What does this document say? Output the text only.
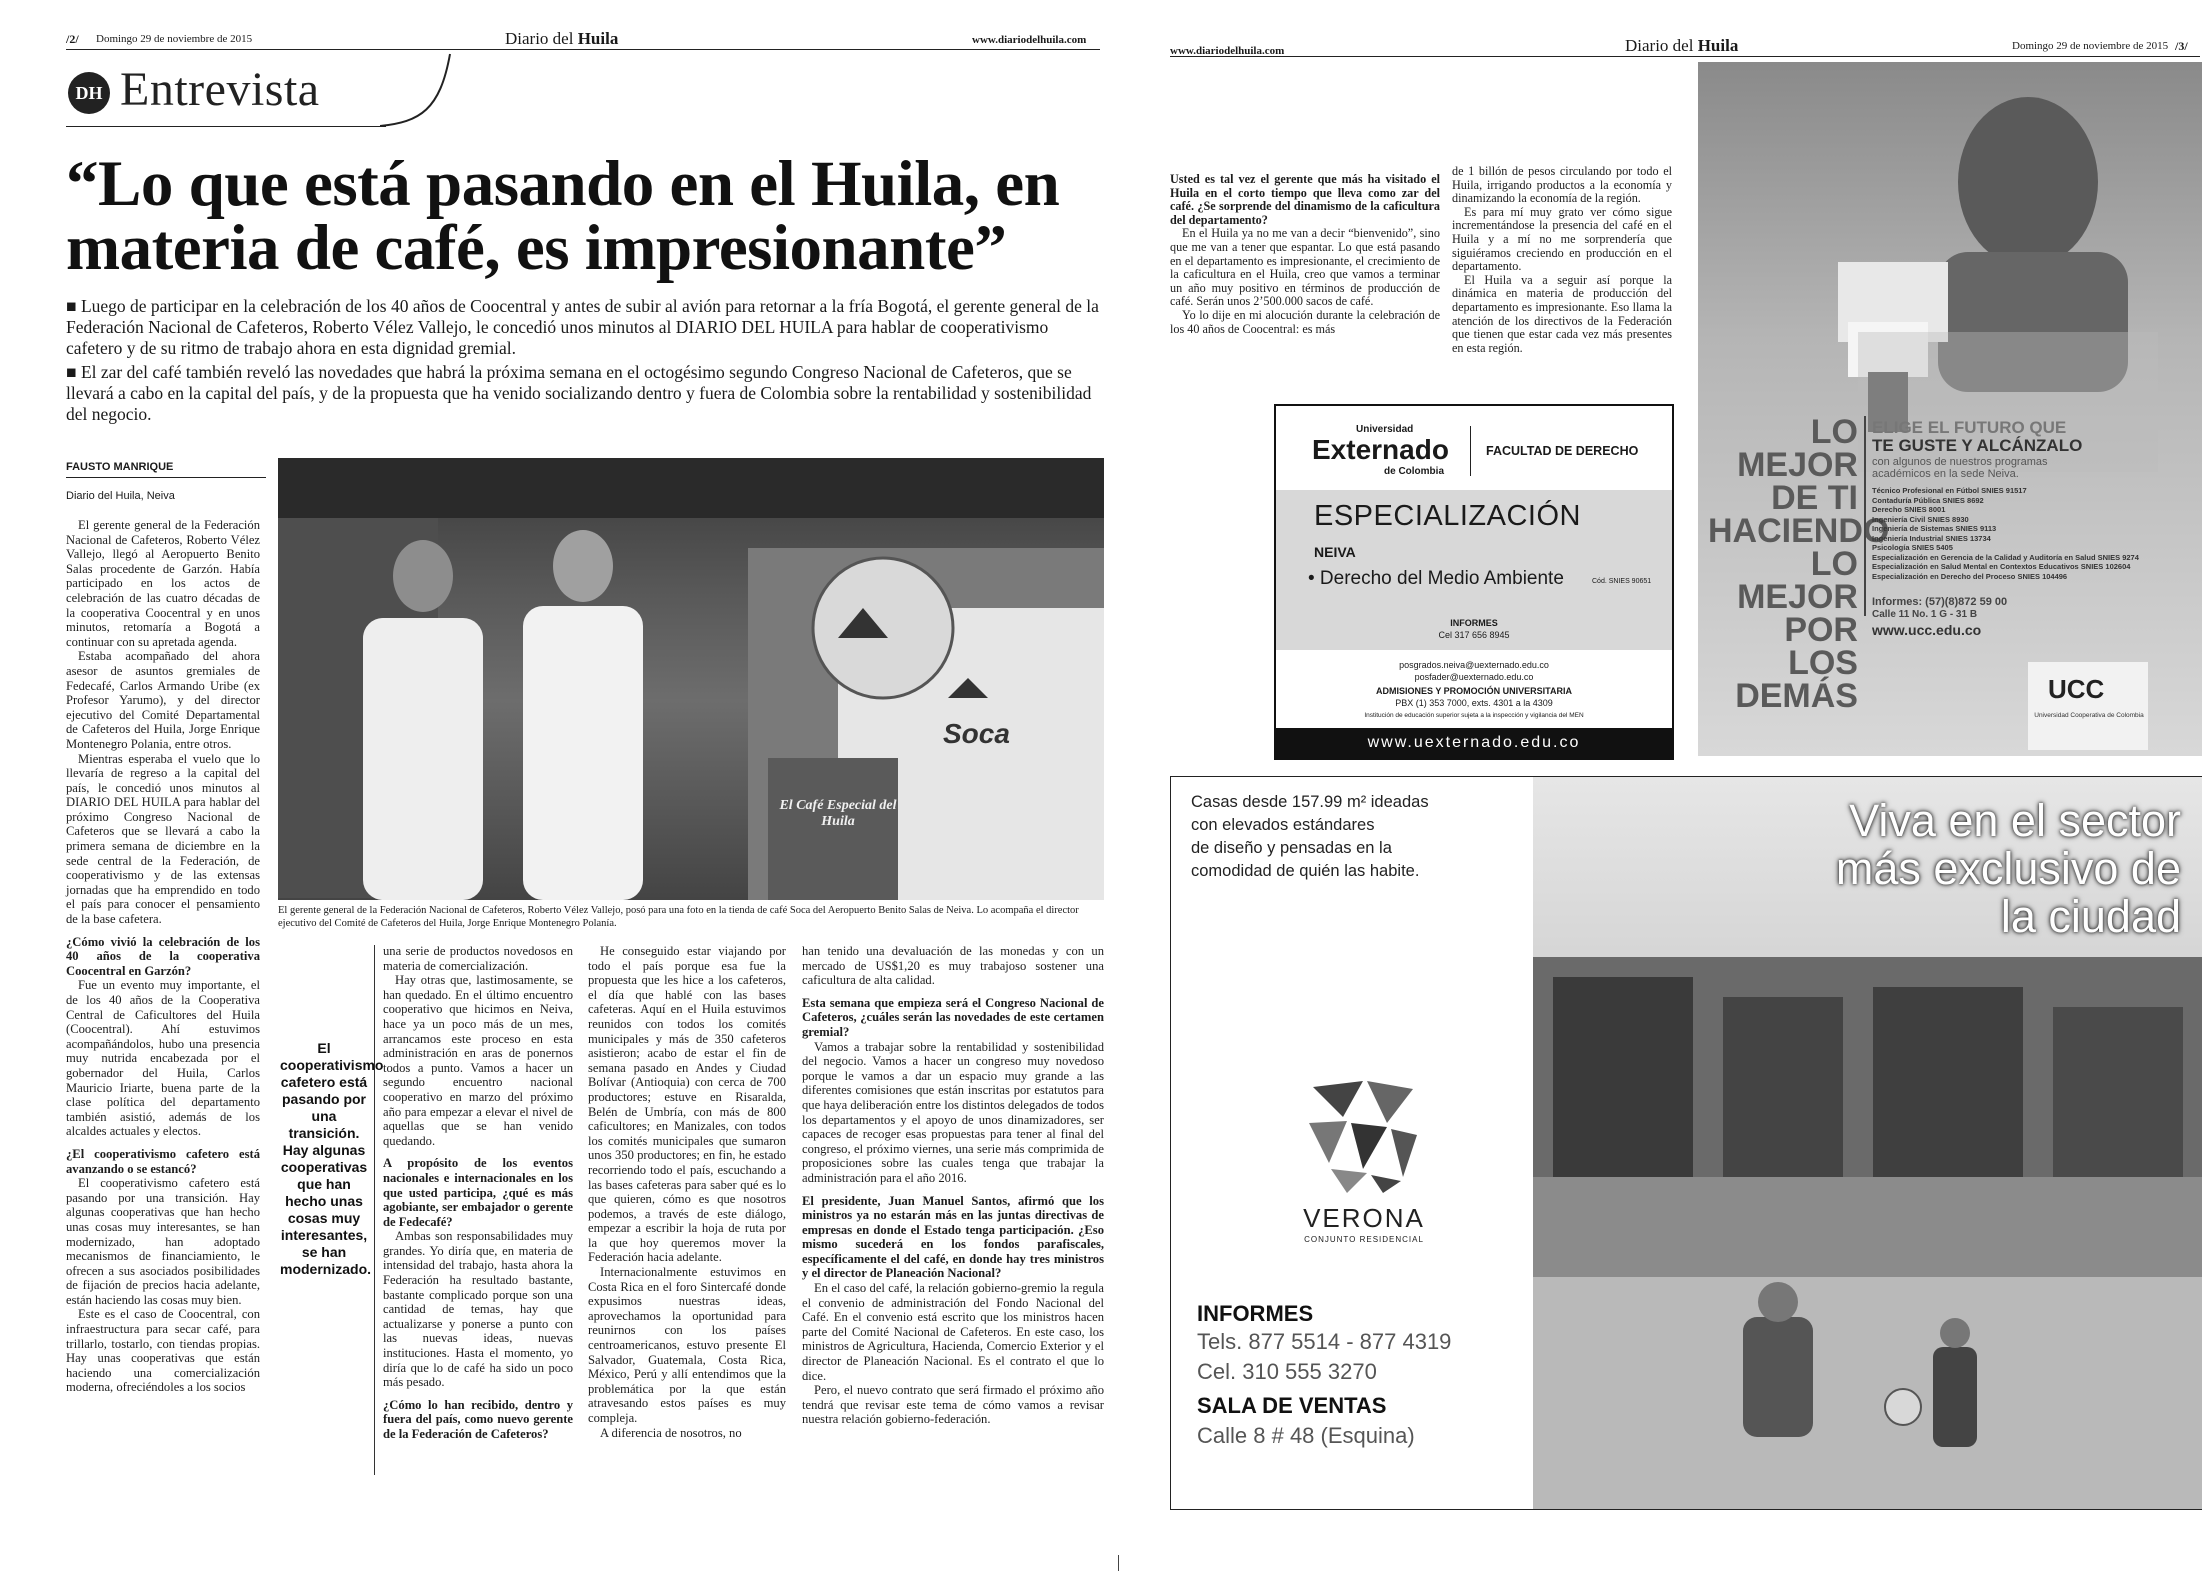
/2/ Domingo 29 de noviembre de 2015	Diario del Huila	www.diariodelhuila.com
DH Entrevista
“Lo que está pasando en el Huila, en
materia de café, es impresionante”
■ Luego de participar en la celebración de los 40 años de Coocentral y antes de subir al avión para retornar a la fría Bogotá, el gerente general de la Federación Nacional de Cafeteros, Roberto Vélez Vallejo, le concedió unos minutos al DIARIO DEL HUILA para hablar de cooperativismo cafetero y de su ritmo de trabajo ahora en esta dignidad gremial.
■ El zar del café también reveló las novedades que habrá la próxima semana en el octogésimo segundo Congreso Nacional de Cafeteros, que se llevará a cabo en la capital del país, y de la propuesta que ha venido socializando dentro y fuera de Colombia sobre la rentabilidad y sostenibilidad del negocio.
FAUSTO MANRIQUE
Diario del Huila, Neiva

El gerente general de la Federación Nacional de Cafeteros, Roberto Vélez Vallejo, llegó al Aeropuerto Benito Salas procedente de Garzón. Había participado en los actos de celebración de las cuatro décadas de la cooperativa Coocentral y en unos minutos, retomaría a Bogotá a continuar con su apretada agenda.

Estaba acompañado del ahora asesor de asuntos gremiales de Fedecafé, Carlos Armando Uribe (ex Profesor Yarumo), y del director ejecutivo del Comité Departamental de Cafeteros del Huila, Jorge Enrique Montenegro Polania, entre otros.

Mientras esperaba el vuelo que lo llevaría de regreso a la capital del país, le concedió unos minutos al DIARIO DEL HUILA para hablar del próximo Congreso Nacional de Cafeteros que se llevará a cabo la primera semana de diciembre en la sede central de la Federación, de cooperativismo y de las extensas jornadas que ha emprendido en todo el país para conocer el pensamiento de la base cafetera.

¿Cómo vivió la celebración de los 40 años de la cooperativa Coocentral en Garzón?

Fue un evento muy importante, el de los 40 años de la Cooperativa Central de Caficultores del Huila (Coocentral). Ahí estuvimos acompañándolos, hubo una presencia muy nutrida encabezada por el gobernador del Huila, Carlos Mauricio Iriarte, buena parte de la clase política del departamento también asistió, además de los alcaldes actuales y electos.

¿El cooperativismo cafetero está avanzando o se estancó?

El cooperativismo cafetero está pasando por una transición. Hay algunas cooperativas que han hecho unas cosas muy interesantes, se han modernizado, han adoptado mecanismos de financiamiento, le ofrecen a sus asociados posibilidades de fijación de precios hacia adelante, están haciendo las cosas muy bien.

Este es el caso de Coocentral, con infraestructura para secar café, para trillarlo, tostarlo, con tiendas propias. Hay unas cooperativas que están haciendo una comercialización moderna, ofreciéndoles a los socios

Soca
El Café Especial del Huila
El gerente general de la Federación Nacional de Cafeteros, Roberto Vélez Vallejo, posó para una foto en la tienda de café Soca del Aeropuerto Benito Salas de Neiva. Lo acompaña el director ejecutivo del Comité de Cafeteros del Huila, Jorge Enrique Montenegro Polanía.
El cooperativismo cafetero está pasando por una transición. Hay algunas cooperativas que han hecho unas cosas muy interesantes, se han modernizado.

una serie de productos novedosos en materia de comercialización.

Hay otras que, lastimosamente, se han quedado. En el último encuentro cooperativo que hicimos en Neiva, hace ya un poco más de un mes, arrancamos este proceso en esta administración en aras de ponernos todos a punto. Vamos a hacer un segundo encuentro nacional cooperativo en marzo del próximo año para empezar a elevar el nivel de aquellas que se han venido quedando.

A propósito de los eventos nacionales e internacionales en los que usted participa, ¿qué es más agobiante, ser embajador o gerente de Fedecafé?

Ambas son responsabilidades muy grandes. Yo diría que, en materia de intensidad del trabajo, hasta ahora la Federación ha resultado bastante, bastante complicado porque son una cantidad de temas, hay que actualizarse y ponerse a punto con las nuevas ideas, nuevas instituciones. Hasta el momento, yo diría que lo de café ha sido un poco más pesado.

¿Cómo lo han recibido, dentro y fuera del país, como nuevo gerente de la Federación de Cafeteros?

He conseguido estar viajando por todo el país porque esa fue la propuesta que les hice a los cafeteros, el día que hablé con las bases cafeteras. Aquí en el Huila estuvimos reunidos con todos los comités municipales y más de 350 cafeteros asistieron; acabo de estar el fin de semana pasado en Andes y Ciudad Bolívar (Antioquia) con cerca de 700 productores; estuve en Risaralda, Belén de Umbría, con más de 800 caficultores; en Manizales, con todos los comités municipales que sumaron unos 350 productores; en fin, he estado recorriendo todo el país, escuchando a las bases cafeteras para saber qué es lo que quieren, cómo es que nosotros podemos, a través de este diálogo, empezar a escribir la hoja de ruta por la que hoy queremos mover la Federación hacia adelante.

Internacionalmente estuvimos en Costa Rica en el foro Sintercafé donde expusimos nuestras ideas, aprovechamos la oportunidad para reunirnos con los países centroamericanos, estuvo presente El Salvador, Guatemala, Costa Rica, México, Perú y allí entendimos que la problemática por la que están atravesando estos países es muy compleja.

A diferencia de nosotros, no

han tenido una devaluación de las monedas y con un mercado de US$1,20 es muy trabajoso sostener una caficultura de alta calidad.

Esta semana que empieza será el Congreso Nacional de Cafeteros, ¿cuáles serán las novedades de este certamen gremial?

Vamos a trabajar sobre la rentabilidad y sostenibilidad del negocio. Vamos a hacer un congreso muy novedoso porque le vamos a dar un espacio muy grande a las diferentes comisiones que están inscritas por estatutos para que haya deliberación entre los distintos delegados de todos los departamentos y el apoyo de unos dinamizadores, ser capaces de recoger esas propuestas para tener al final del congreso, el próximo viernes, una serie más comprimida de proposiciones sobre las cuales tenga que trabajar la administración para el año 2016.

El presidente, Juan Manuel Santos, afirmó que los ministros ya no estarán más en las juntas directivas de empresas en donde el Estado tenga participación. ¿Eso mismo sucederá en los fondos parafiscales, específicamente el del café, en donde hay tres ministros y el director de Planeación Nacional?

En el caso del café, la relación gobierno-gremio la regula el convenio de administración del Fondo Nacional del Café. En el convenio está escrito que los ministros hacen parte del Comité Nacional de Cafeteros. En este caso, los ministros de Agricultura, Hacienda, Comercio Exterior y el director de Planeación Nacional. Es el contrato el que lo dice.

Pero, el nuevo contrato que será firmado el próximo año tendrá que revisar este tema de cómo vamos a revisar nuestra relación gobierno-federación.

www.diariodelhuila.com	Diario del Huila	Domingo 29 de noviembre de 2015 /3/

Usted es tal vez el gerente que más ha visitado el Huila en el corto tiempo que lleva como zar del café. ¿Se sorprende del dinamismo de la caficultura del departamento?

En el Huila ya no me van a decir “bienvenido”, sino que me van a tener que espantar. Lo que está pasando en el departamento es impresionante, el crecimiento de la caficultura en el Huila, creo que vamos a terminar un año muy positivo en términos de producción de café. Serán unos 2’500.000 sacos de café.

Yo lo dije en mi alocución durante la celebración de los 40 años de Coocentral: es más

de 1 billón de pesos circulando por todo el Huila, irrigando productos a la economía y dinamizando la economía de la región.

Es para mí muy grato ver cómo sigue incrementándose la presencia del café en el Huila y a mí no me sorprendería que siguiéramos creciendo en producción en el departamento.

El Huila va a seguir así porque la dinámica en materia de producción del departamento es impresionante. Eso llama la atención de los directivos de la Federación que tienen que estar cada vez más presentes en esta región.

Universidad
Externado
de Colombia
FACULTAD DE DERECHO
ESPECIALIZACIÓN
NEIVA
• Derecho del Medio Ambiente	Cód. SNIES 90651
INFORMES
Cel 317 656 8945
posgrados.neiva@uexternado.edu.co
posfader@uexternado.edu.co
ADMISIONES Y PROMOCIÓN UNIVERSITARIA
PBX (1) 353 7000, exts. 4301 a la 4309
Institución de educación superior sujeta a la inspección y vigilancia del MEN
www.uexternado.edu.co
LO MEJOR
DE TI
HACIENDO
LO MEJOR
POR LOS
DEMÁS
ELIGE EL FUTURO QUE
TE GUSTE Y ALCÁNZALO
con algunos de nuestros programas
académicos en la sede Neiva.
Técnico Profesional en Fútbol SNIES 91517
Contaduría Pública SNIES 8692
Derecho SNIES 8001
Ingeniería Civil SNIES 8930
Ingeniería de Sistemas SNIES 9113
Ingeniería Industrial SNIES 13734
Psicología SNIES 5405
Especialización en Gerencia de la Calidad y Auditoría en Salud SNIES 9274
Especialización en Salud Mental en Contextos Educativos SNIES 102604
Especialización en Derecho del Proceso SNIES 104496
Informes: (57)(8)872 59 00
Calle 11 No. 1 G - 31 B
www.ucc.edu.co
UCC
Universidad Cooperativa de Colombia
Casas desde 157.99 m² ideadas
con elevados estándares
de diseño y pensadas en la
comodidad de quién las habite.
Viva en el sector
más exclusivo de
la ciudad
VERONA
CONJUNTO RESIDENCIAL
INFORMES
Tels. 877 5514 - 877 4319
Cel. 310 555 3270
SALA DE VENTAS
Calle 8 # 48 (Esquina)
